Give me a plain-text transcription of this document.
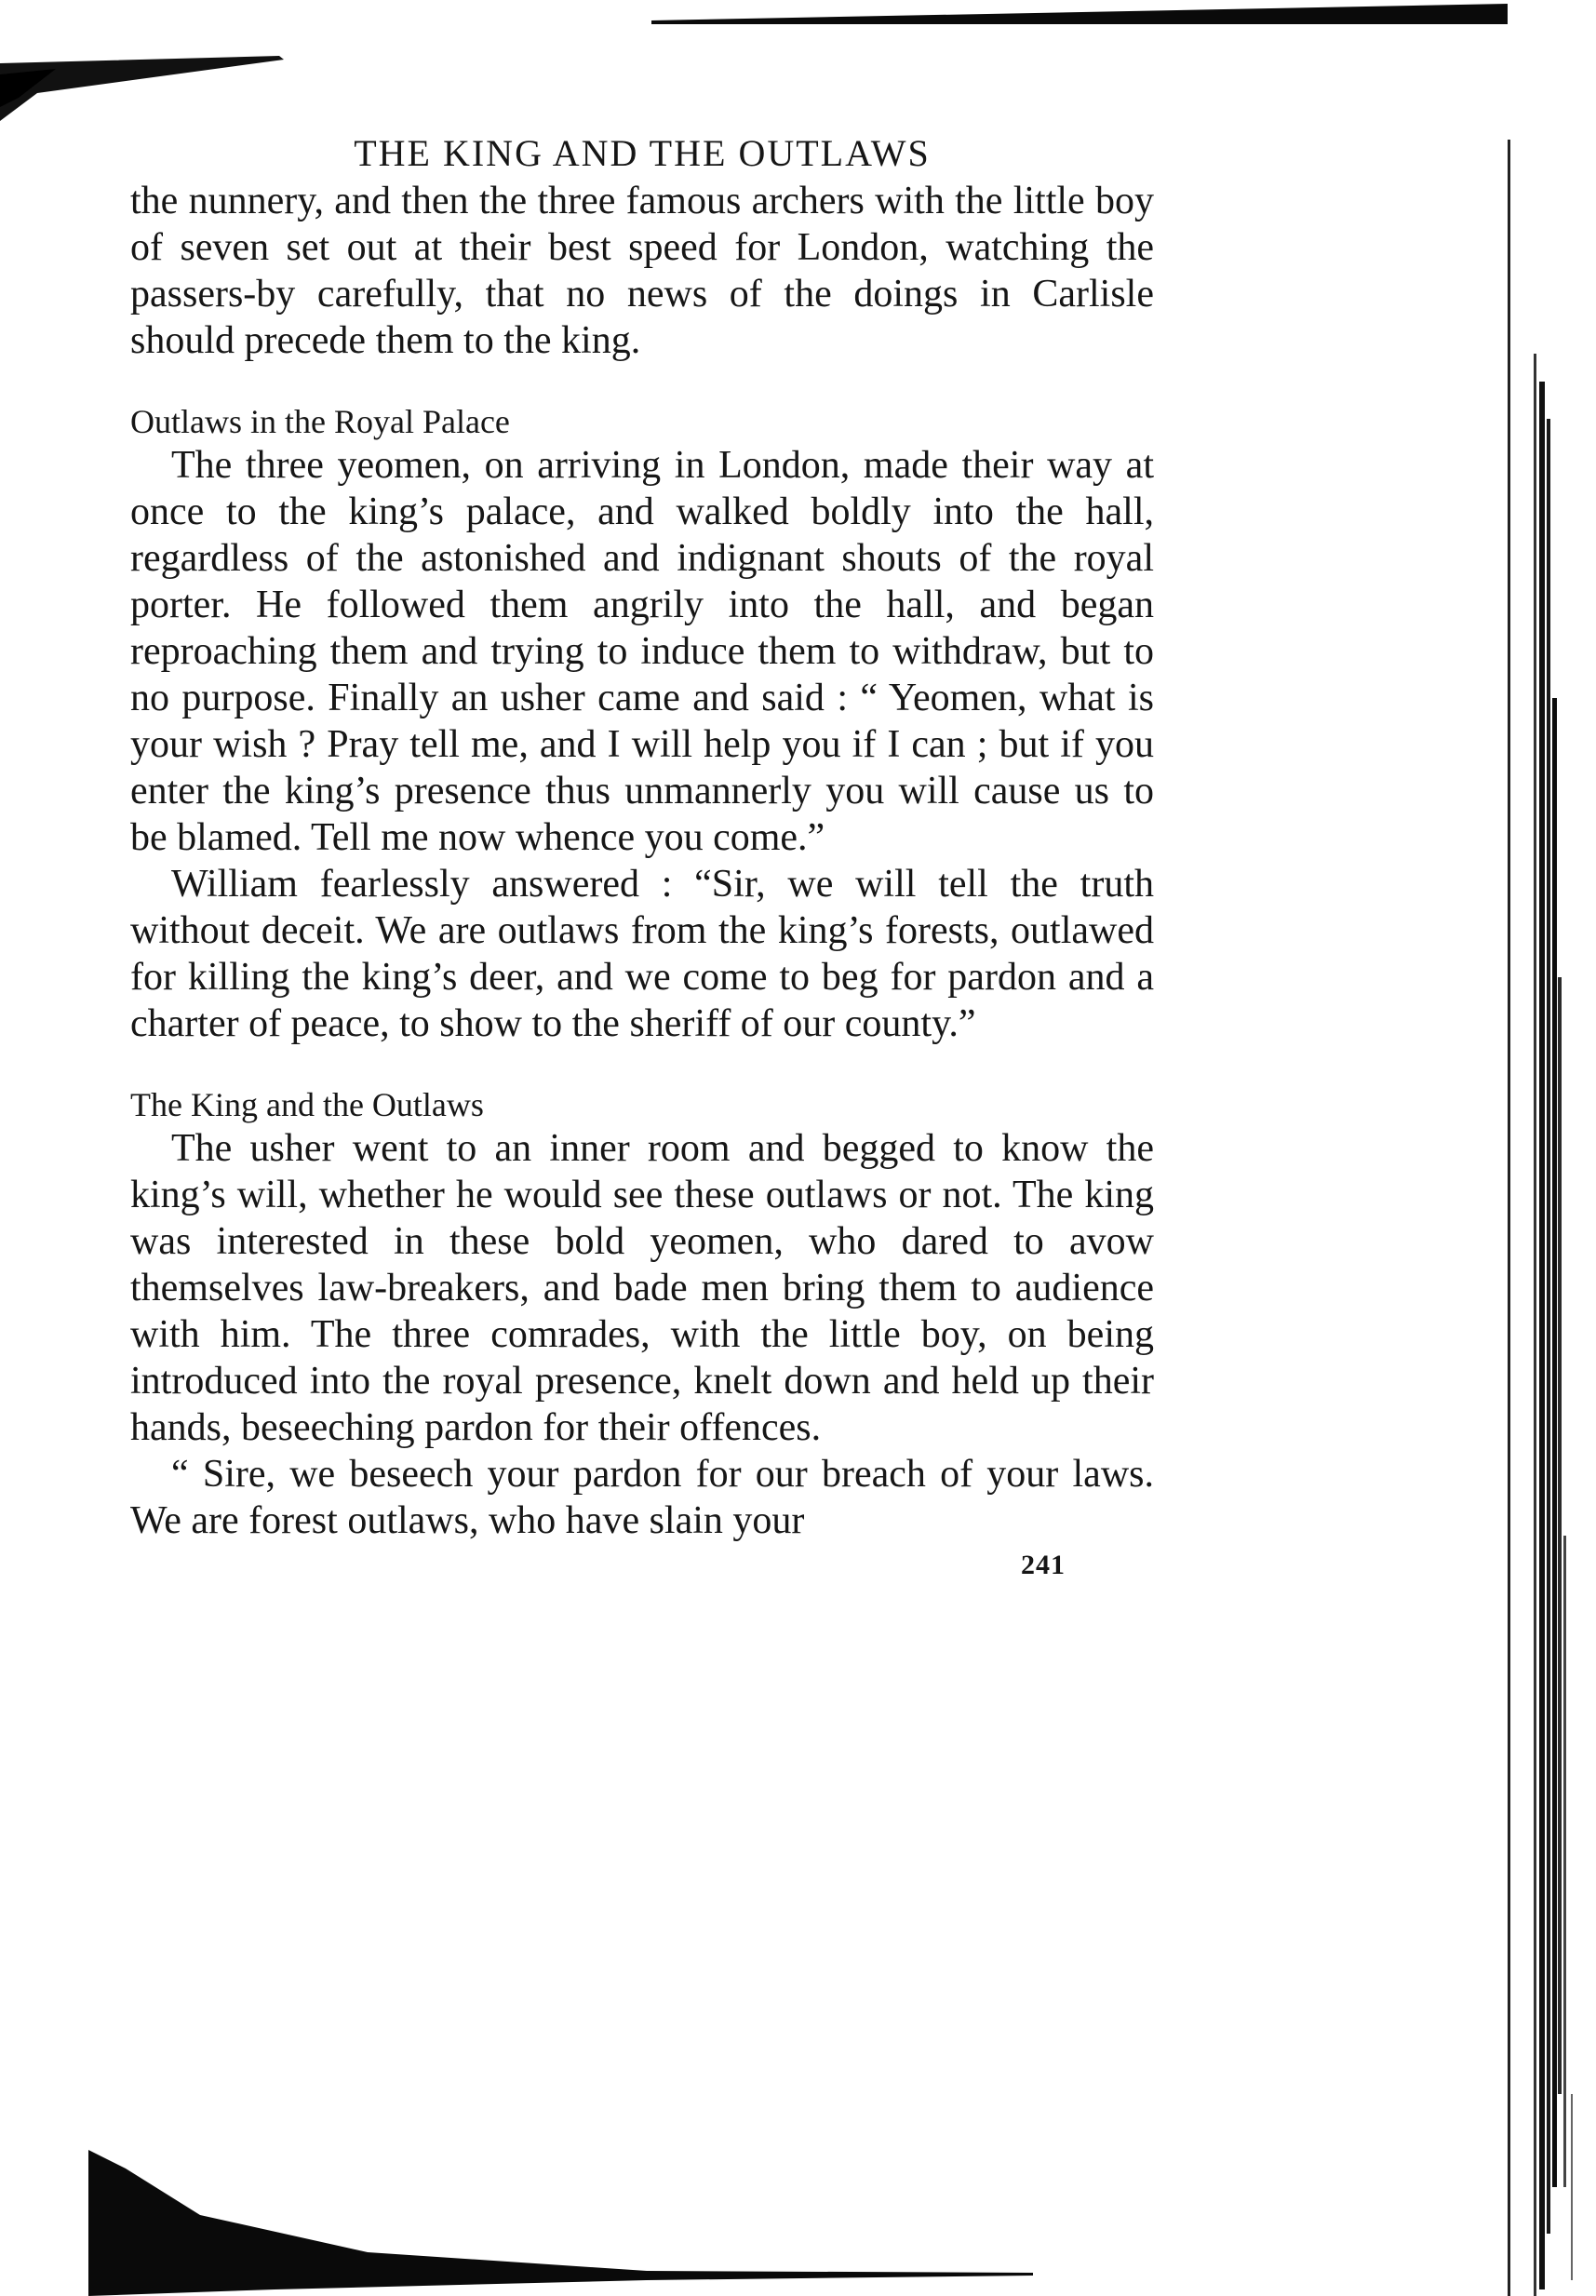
THE KING AND THE OUTLAWS

the nunnery, and then the three famous archers with the little boy of seven set out at their best speed for London, watching the passers-by carefully, that no news of the doings in Carlisle should precede them to the king.

Outlaws in the Royal Palace

The three yeomen, on arriving in London, made their way at once to the king’s palace, and walked boldly into the hall, regardless of the astonished and indignant shouts of the royal porter. He followed them angrily into the hall, and began reproaching them and trying to induce them to withdraw, but to no purpose. Finally an usher came and said : “ Yeomen, what is your wish ? Pray tell me, and I will help you if I can ; but if you enter the king’s presence thus unmannerly you will cause us to be blamed. Tell me now whence you come.”

William fearlessly answered : “Sir, we will tell the truth without deceit. We are outlaws from the king’s forests, outlawed for killing the king’s deer, and we come to beg for pardon and a charter of peace, to show to the sheriff of our county.”

The King and the Outlaws

The usher went to an inner room and begged to know the king’s will, whether he would see these outlaws or not. The king was interested in these bold yeomen, who dared to avow themselves law-breakers, and bade men bring them to audience with him. The three comrades, with the little boy, on being introduced into the royal presence, knelt down and held up their hands, beseeching pardon for their offences.

“ Sire, we beseech your pardon for our breach of your laws. We are forest outlaws, who have slain your

241
